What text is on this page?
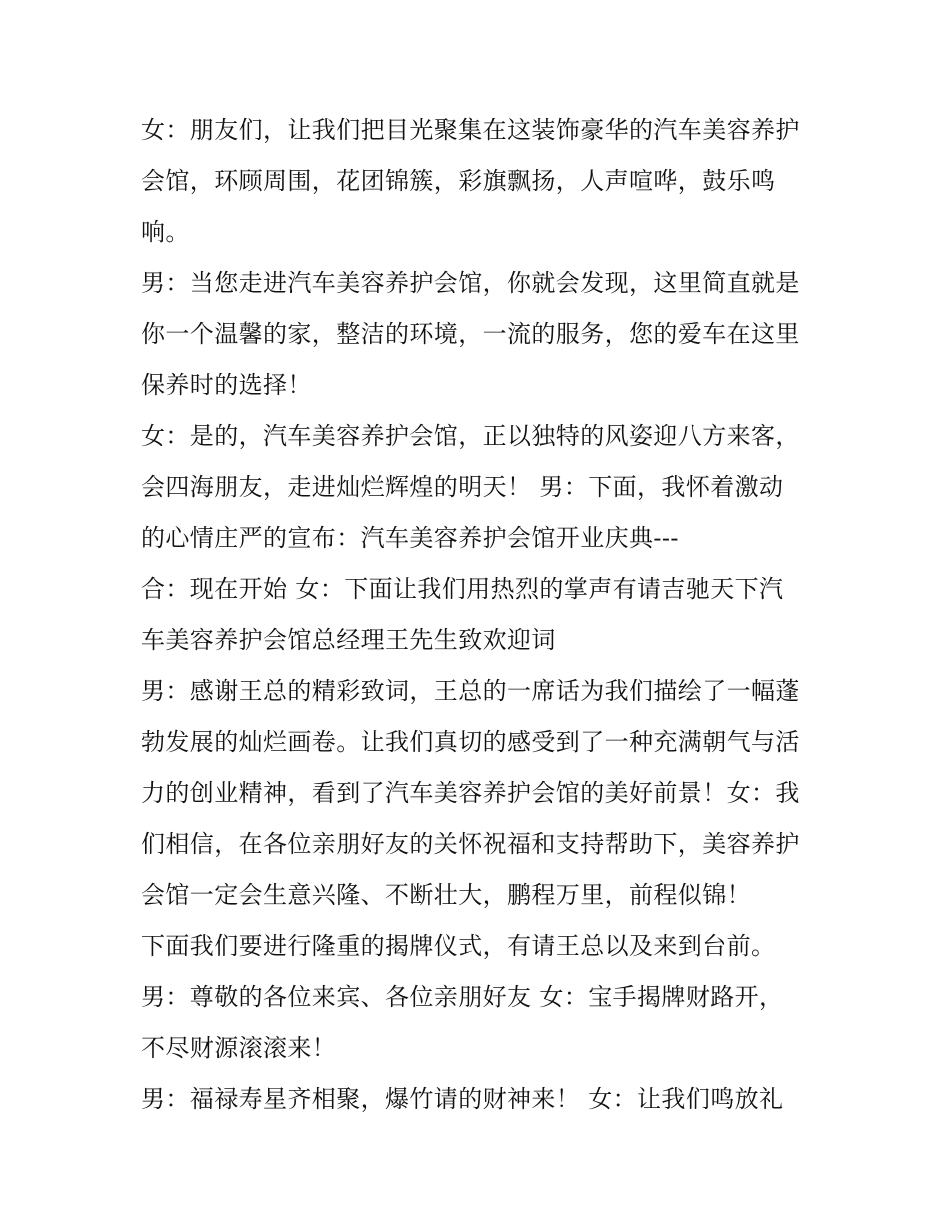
女：朋友们，让我们把目光聚集在这装饰豪华的汽车美容养护
会馆，环顾周围，花团锦簇，彩旗飘扬，人声喧哗，鼓乐鸣
响。
男：当您走进汽车美容养护会馆，你就会发现，这里简直就是
你一个温馨的家，整洁的环境，一流的服务，您的爱车在这里
保养时的选择！
女：是的，汽车美容养护会馆，正以独特的风姿迎八方来客，
会四海朋友，走进灿烂辉煌的明天！ 男：下面，我怀着激动
的心情庄严的宣布：汽车美容养护会馆开业庆典---
合：现在开始 女：下面让我们用热烈的掌声有请吉驰天下汽
车美容养护会馆总经理王先生致欢迎词
男：感谢王总的精彩致词，王总的一席话为我们描绘了一幅蓬
勃发展的灿烂画卷。让我们真切的感受到了一种充满朝气与活
力的创业精神，看到了汽车美容养护会馆的美好前景！女：我
们相信，在各位亲朋好友的关怀祝福和支持帮助下，美容养护
会馆一定会生意兴隆、不断壮大，鹏程万里，前程似锦！
下面我们要进行隆重的揭牌仪式，有请王总以及来到台前。
男：尊敬的各位来宾、各位亲朋好友 女：宝手揭牌财路开，
不尽财源滚滚来！
男：福禄寿星齐相聚，爆竹请的财神来！ 女：让我们鸣放礼
